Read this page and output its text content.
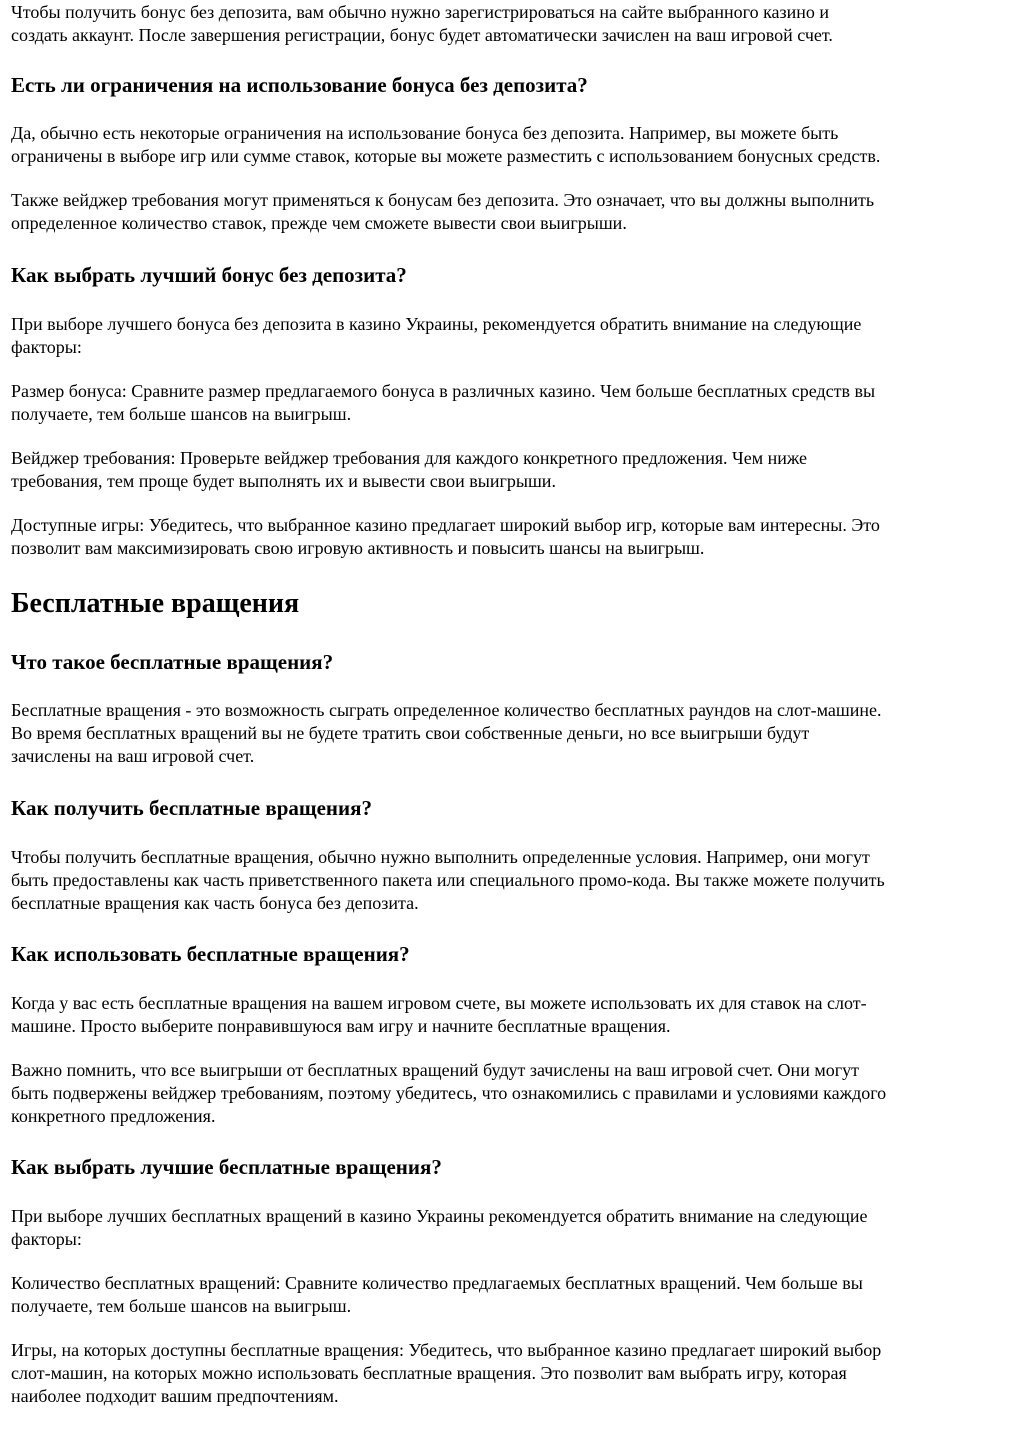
Чтобы получить бонус без депозита, вам обычно нужно зарегистрироваться на сайте выбранного казино и
создать аккаунт. После завершения регистрации, бонус будет автоматически зачислен на ваш игровой счет.

Есть ли ограничения на использование бонуса без депозита?

Да, обычно есть некоторые ограничения на использование бонуса без депозита. Например, вы можете быть
ограничены в выборе игр или сумме ставок, которые вы можете разместить с использованием бонусных средств.

Также вейджер требования могут применяться к бонусам без депозита. Это означает, что вы должны выполнить
определенное количество ставок, прежде чем сможете вывести свои выигрыши.

Как выбрать лучший бонус без депозита?

При выборе лучшего бонуса без депозита в казино Украины, рекомендуется обратить внимание на следующие
факторы:

Размер бонуса: Сравните размер предлагаемого бонуса в различных казино. Чем больше бесплатных средств вы
получаете, тем больше шансов на выигрыш.

Вейджер требования: Проверьте вейджер требования для каждого конкретного предложения. Чем ниже
требования, тем проще будет выполнять их и вывести свои выигрыши.

Доступные игры: Убедитесь, что выбранное казино предлагает широкий выбор игр, которые вам интересны. Это
позволит вам максимизировать свою игровую активность и повысить шансы на выигрыш.

Бесплатные вращения
Что такое бесплатные вращения?

Бесплатные вращения - это возможность сыграть определенное количество бесплатных раундов на слот-машине.
Во время бесплатных вращений вы не будете тратить свои собственные деньги, но все выигрыши будут
зачислены на ваш игровой счет.

Как получить бесплатные вращения?

Чтобы получить бесплатные вращения, обычно нужно выполнить определенные условия. Например, они могут
быть предоставлены как часть приветственного пакета или специального промо-кода. Вы также можете получить
бесплатные вращения как часть бонуса без депозита.

Как использовать бесплатные вращения?

Когда у вас есть бесплатные вращения на вашем игровом счете, вы можете использовать их для ставок на слот-
машине. Просто выберите понравившуюся вам игру и начните бесплатные вращения.

Важно помнить, что все выигрыши от бесплатных вращений будут зачислены на ваш игровой счет. Они могут
быть подвержены вейджер требованиям, поэтому убедитесь, что ознакомились с правилами и условиями каждого
конкретного предложения.

Как выбрать лучшие бесплатные вращения?

При выборе лучших бесплатных вращений в казино Украины рекомендуется обратить внимание на следующие
факторы:

Количество бесплатных вращений: Сравните количество предлагаемых бесплатных вращений. Чем больше вы
получаете, тем больше шансов на выигрыш.

Игры, на которых доступны бесплатные вращения: Убедитесь, что выбранное казино предлагает широкий выбор
слот-машин, на которых можно использовать бесплатные вращения. Это позволит вам выбрать игру, которая
наиболее подходит вашим предпочтениям.
